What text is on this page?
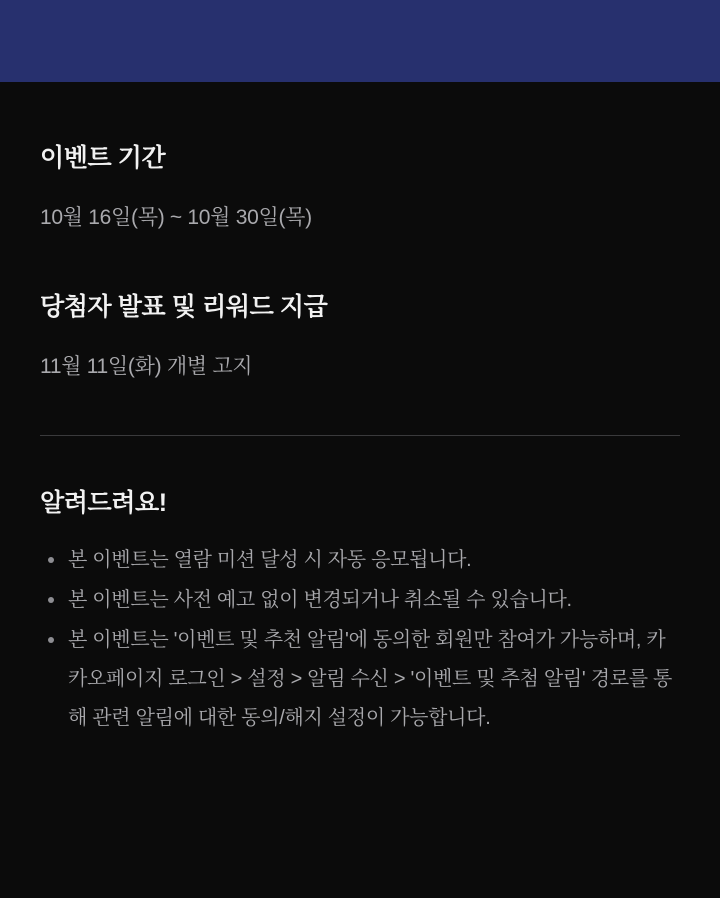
이벤트 기간

10월 16일(목) ~ 10월 30일(목)

당첨자 발표 및 리워드 지급

11월 11일(화) 개별 고지

알려드려요!
본 이벤트는 열람 미션 달성 시 자동 응모됩니다.
본 이벤트는 사전 예고 없이 변경되거나 취소될 수 있습니다.
본 이벤트는 '이벤트 및 추천 알림'에 동의한 회원만 참여가 가능하며, 카카오페이지 로그인 > 설정 > 알림 수신 > '이벤트 및 추첨 알림' 경로를 통해 관련 알림에 대한 동의/해지 설정이 가능합니다.
